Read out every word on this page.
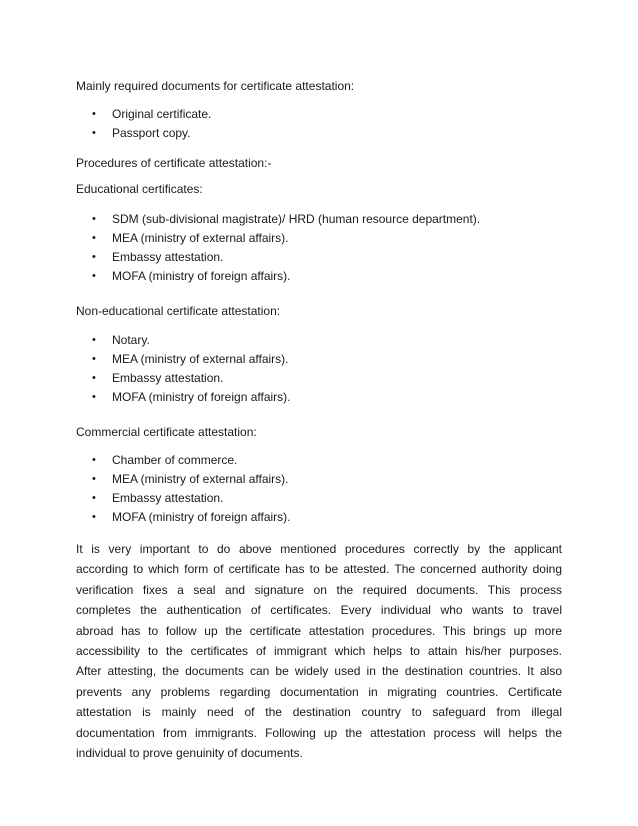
Mainly required documents for certificate attestation:
• Original certificate.
• Passport copy.
Procedures of certificate attestation:-
Educational certificates:
• SDM (sub-divisional magistrate)/ HRD (human resource department).
• MEA (ministry of external affairs).
• Embassy attestation.
• MOFA (ministry of foreign affairs).
Non-educational certificate attestation:
• Notary.
• MEA (ministry of external affairs).
• Embassy attestation.
• MOFA (ministry of foreign affairs).
Commercial certificate attestation:
• Chamber of commerce.
• MEA (ministry of external affairs).
• Embassy attestation.
• MOFA (ministry of foreign affairs).
It is very important to do above mentioned procedures correctly by the applicant
according to which form of certificate has to be attested. The concerned authority doing
verification fixes a seal and signature on the required documents. This process
completes the authentication of certificates. Every individual who wants to travel
abroad has to follow up the certificate attestation procedures. This brings up more
accessibility to the certificates of immigrant which helps to attain his/her purposes.
After attesting, the documents can be widely used in the destination countries. It also
prevents any problems regarding documentation in migrating countries. Certificate
attestation is mainly need of the destination country to safeguard from illegal
documentation from immigrants. Following up the attestation process will helps the
individual to prove genuinity of documents.
